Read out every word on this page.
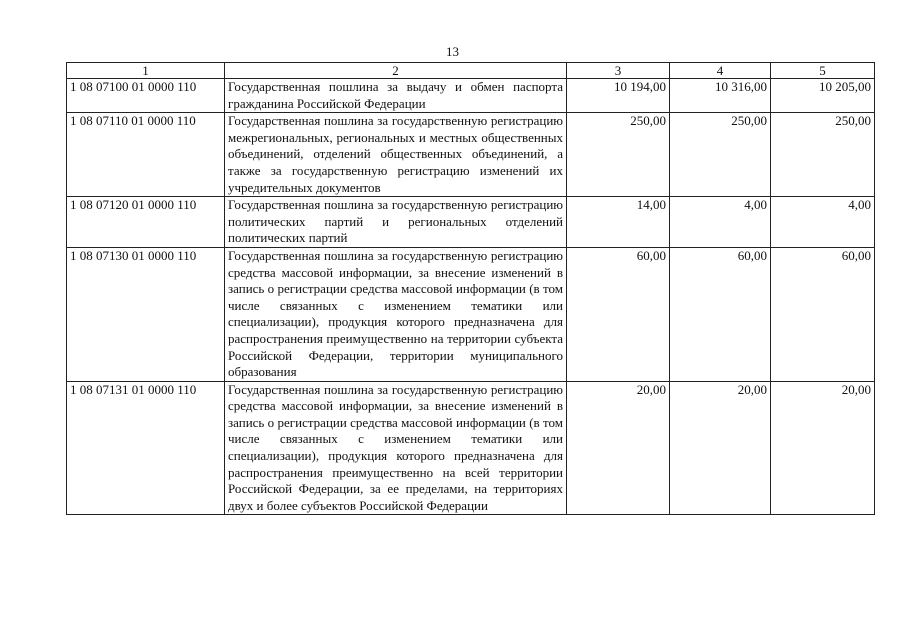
13
1	2	3	4	5
1 08 07100 01 0000 110	Государственная пошлина за выдачу и обмен паспорта гражданина Российской Федерации	10 194,00	10 316,00	10 205,00
1 08 07110 01 0000 110	Государственная пошлина за государственную регистрацию межрегиональных, региональных и местных общественных объединений, отделений общественных объединений, а также за государственную регистрацию изменений их учредительных документов	250,00	250,00	250,00
1 08 07120 01 0000 110	Государственная пошлина за государственную регистрацию политических партий и региональных отделений политических партий	14,00	4,00	4,00
1 08 07130 01 0000 110	Государственная пошлина за государственную регистрацию средства массовой информации, за внесение изменений в запись о регистрации средства массовой информации (в том числе связанных с изменением тематики или специализации), продукция которого предназначена для распространения преимущественно на территории субъекта Российской Федерации, территории муниципального образования	60,00	60,00	60,00
1 08 07131 01 0000 110	Государственная пошлина за государственную регистрацию средства массовой информации, за внесение изменений в запись о регистрации средства массовой информации (в том числе связанных с изменением тематики или специализации), продукция которого предназначена для распространения преимущественно на всей территории Российской Федерации, за ее пределами, на территориях двух и более субъектов Российской Федерации	20,00	20,00	20,00
